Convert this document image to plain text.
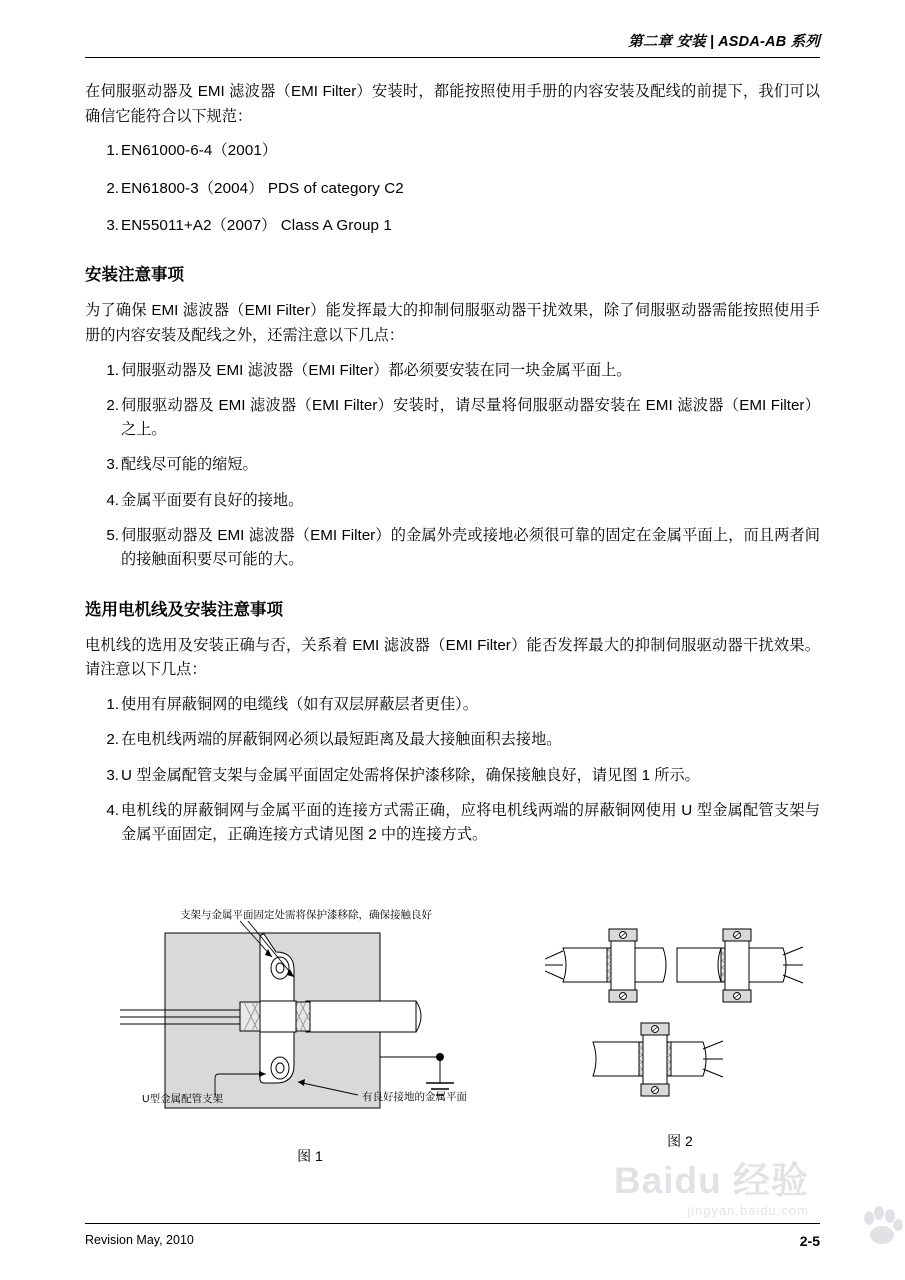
第二章 安装 | ASDA-AB 系列

在伺服驱动器及 EMI 滤波器（EMI Filter）安装时，都能按照使用手册的内容安装及配线的前提下，我们可以确信它能符合以下规范：

1. EN61000-6-4（2001）
2. EN61800-3（2004） PDS of category C2
3. EN55011+A2（2007） Class A Group 1
安装注意事项

为了确保 EMI 滤波器（EMI Filter）能发挥最大的抑制伺服驱动器干扰效果，除了伺服驱动器需能按照使用手册的内容安装及配线之外，还需注意以下几点：

1. 伺服驱动器及 EMI 滤波器（EMI Filter）都必须要安装在同一块金属平面上。
2. 伺服驱动器及 EMI 滤波器（EMI Filter）安装时，请尽量将伺服驱动器安装在 EMI 滤波器（EMI Filter）之上。
3. 配线尽可能的缩短。
4. 金属平面要有良好的接地。
5. 伺服驱动器及 EMI 滤波器（EMI Filter）的金属外壳或接地必须很可靠的固定在金属平面上，而且两者间的接触面积要尽可能的大。
选用电机线及安装注意事项

电机线的选用及安装正确与否，关系着 EMI 滤波器（EMI Filter）能否发挥最大的抑制伺服驱动器干扰效果。请注意以下几点：

1. 使用有屏蔽铜网的电缆线（如有双层屏蔽层者更佳）。
2. 在电机线两端的屏蔽铜网必须以最短距离及最大接触面积去接地。
3. U 型金属配管支架与金属平面固定处需将保护漆移除，确保接触良好，请见图 1 所示。
4. 电机线的屏蔽铜网与金属平面的连接方式需正确，应将电机线两端的屏蔽铜网使用 U 型金属配管支架与金属平面固定，正确连接方式请见图 2 中的连接方式。
支架与金属平面固定处需将保护漆移除，确保接触良好
U型金属配管支架	有良好接地的金属平面
图 1
图 2
Baidu 经验
jingyan.baidu.com
Revision May, 2010	2-5
